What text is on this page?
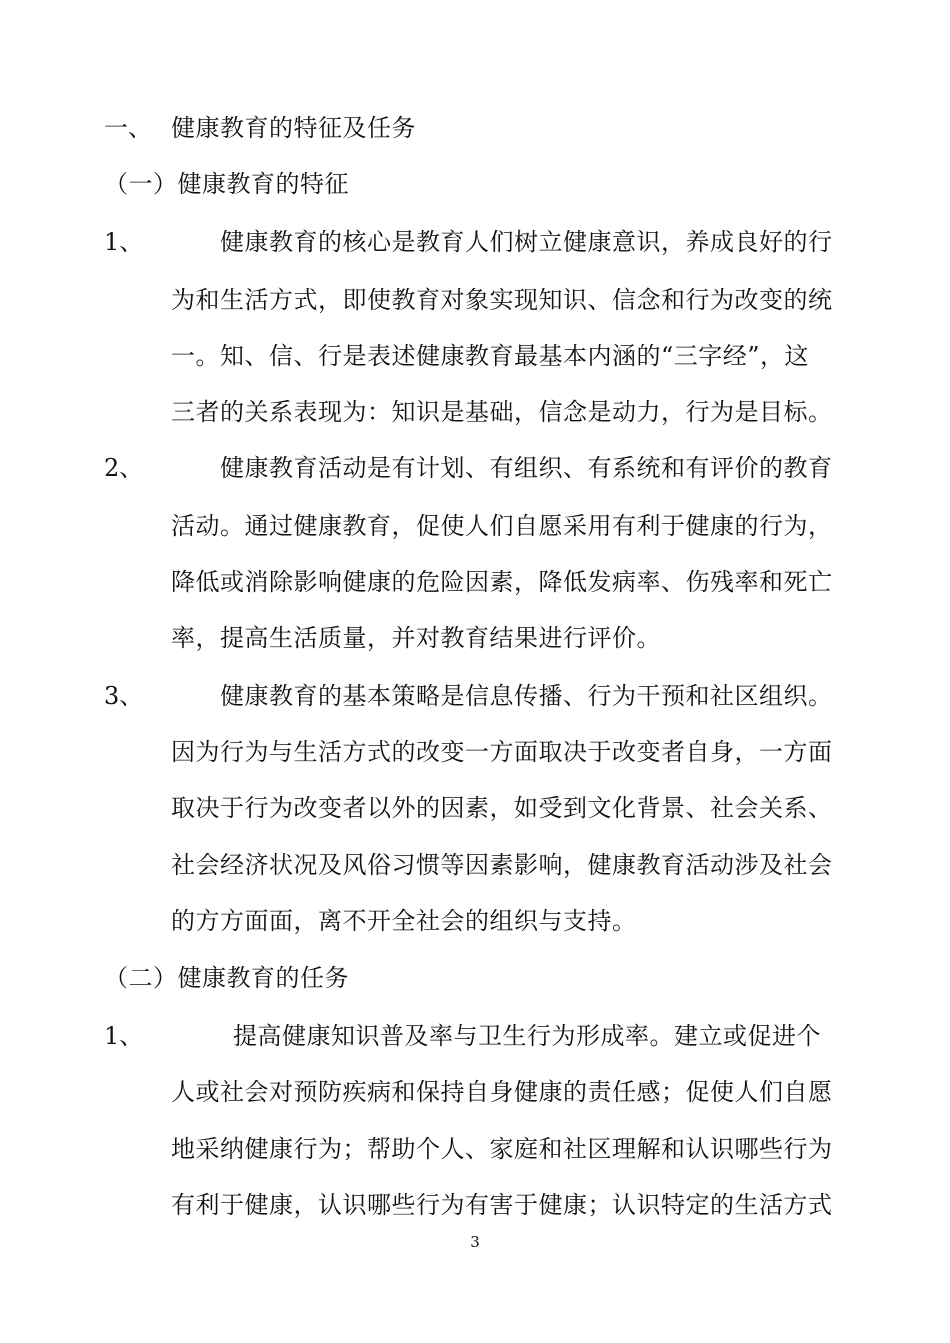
一、 健康教育的特征及任务
（一）健康教育的特征
1、	健康教育的核心是教育人们树立健康意识，养成良好的行
为和生活方式，即使教育对象实现知识、信念和行为改变的统
一。知、信、行是表述健康教育最基本内涵的“三字经”，这
三者的关系表现为：知识是基础，信念是动力，行为是目标。
2、	健康教育活动是有计划、有组织、有系统和有评价的教育
活动。通过健康教育，促使人们自愿采用有利于健康的行为，
降低或消除影响健康的危险因素，降低发病率、伤残率和死亡
率，提高生活质量，并对教育结果进行评价。
3、	健康教育的基本策略是信息传播、行为干预和社区组织。
因为行为与生活方式的改变一方面取决于改变者自身，一方面
取决于行为改变者以外的因素，如受到文化背景、社会关系、
社会经济状况及风俗习惯等因素影响，健康教育活动涉及社会
的方方面面，离不开全社会的组织与支持。
（二）健康教育的任务
1、	提高健康知识普及率与卫生行为形成率。建立或促进个
人或社会对预防疾病和保持自身健康的责任感；促使人们自愿
地采纳健康行为；帮助个人、家庭和社区理解和认识哪些行为
有利于健康，认识哪些行为有害于健康；认识特定的生活方式
3
